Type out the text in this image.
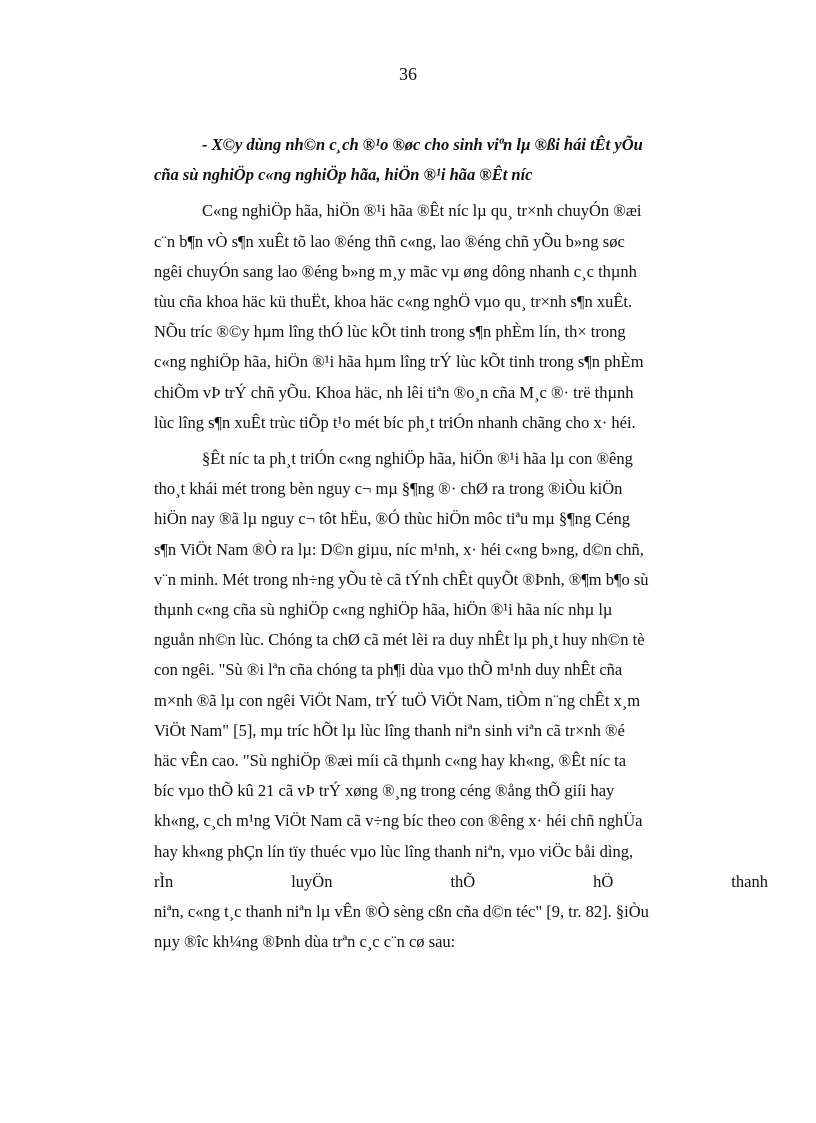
36

- X©y dùng nh©n c¸ch ®¹o ®øc cho sinh viªn lµ ®ßi hái tÊt yÕu
cña sù nghiÖp c«ng nghiÖp hãa, hiÖn ®¹i hãa ®Êt níc

C«ng nghiÖp hãa, hiÖn ®¹i hãa ®Êt níc lµ qu¸ tr×nh chuyÓn ®æi
c¨n b¶n vÒ s¶n xuÊt tõ lao ®éng thñ c«ng, lao ®éng chñ yÕu b»ng søc
ngêi chuyÓn sang lao ®éng b»ng m¸y mãc vµ øng dông nhanh c¸c thµnh
tùu cña khoa häc kü thuËt, khoa häc c«ng nghÖ vµo qu¸ tr×nh s¶n xuÊt.
NÕu tríc ®©y hµm lîng thÓ lùc kÕt tinh trong s¶n phÈm lín, th× trong
c«ng nghiÖp hãa, hiÖn ®¹i hãa hµm lîng trÝ lùc kÕt tinh trong s¶n phÈm
chiÕm vÞ trÝ chñ yÕu. Khoa häc, nh lêi tiªn ®o¸n cña M¸c ®· trë thµnh
lùc lîng s¶n xuÊt trùc tiÕp t¹o mét bíc ph¸t triÓn nhanh chãng cho x· héi.

§Êt níc ta ph¸t triÓn c«ng nghiÖp hãa, hiÖn ®¹i hãa lµ con ®êng
tho¸t khái mét trong bèn nguy c¬ mµ §¶ng ®· chØ ra trong ®iÒu kiÖn
hiÖn nay ®ã lµ nguy c¬ tôt hËu, ®Ó thùc hiÖn môc tiªu mµ §¶ng Céng
s¶n ViÖt Nam ®Ò ra lµ: D©n giµu, níc m¹nh, x· héi c«ng b»ng, d©n chñ,
v¨n minh. Mét trong nh÷ng yÕu tè cã tÝnh chÊt quyÕt ®Þnh, ®¶m b¶o sù
thµnh c«ng cña sù nghiÖp c«ng nghiÖp hãa, hiÖn ®¹i hãa níc nhµ lµ
nguån nh©n lùc. Chóng ta chØ cã mét lèi ra duy nhÊt lµ ph¸t huy nh©n tè
con ngêi. "Sù ®i lªn cña chóng ta ph¶i dùa vµo thÕ m¹nh duy nhÊt cña
m×nh ®ã lµ con ngêi ViÖt Nam, trÝ tuÖ ViÖt Nam, tiÒm n¨ng chÊt x¸m
ViÖt Nam" [5], mµ tríc hÕt lµ lùc lîng thanh niªn sinh viªn cã tr×nh ®é
häc vÊn cao. "Sù nghiÖp ®æi míi cã thµnh c«ng hay kh«ng, ®Êt níc ta
bíc vµo thÕ kû 21 cã vÞ trÝ xøng ®¸ng trong céng ®ång thÕ giíi hay
kh«ng, c¸ch m¹ng ViÖt Nam cã v÷ng bíc theo con ®êng x· héi chñ nghÜa
hay kh«ng phÇn lín tïy thuéc vµo lùc lîng thanh niªn, vµo viÖc båi dìng,
rÌn	luyÖn	thÕ	hÖ	thanh
niªn, c«ng t¸c thanh niªn lµ vÊn ®Ò sèng cßn cña d©n téc" [9, tr. 82]. §iÒu
nµy ®îc kh¼ng ®Þnh dùa trªn c¸c c¨n cø sau:
